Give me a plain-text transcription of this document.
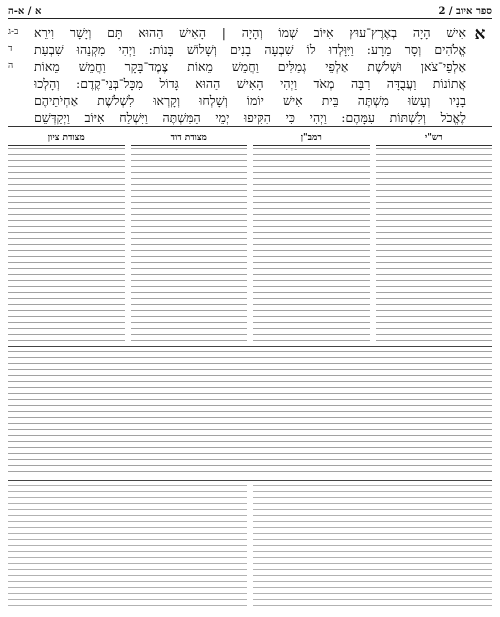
א / א-ה	2 / ספר איוב
א
ב-ג
ד
ה
אִישׁ הָיָה בְאֶרֶץ־עוּץ אִיּוֹב שְׁמוֹ וְהָיָה | הָאִישׁ הַהוּא תָּם וְיָשָׁר וִירֵא
אֱלֹהִים וְסָר מֵרָע: וַיִּוָּלְדוּ לוֹ שִׁבְעָה בָנִים וְשָׁלוֹשׁ בָּנוֹת: וַיְהִי מִקְנֵהוּ שִׁבְעַת
אַלְפֵי־צֹאן וּשְׁלֹשֶׁת אַלְפֵי גְמַלִּים וַחֲמֵשׁ מֵאוֹת צֶמֶד־בָּקָר וַחֲמֵשׁ מֵאוֹת
אֲתוֹנוֹת וַעֲבֻדָּה רַבָּה מְאֹד וַיְהִי הָאִישׁ הַהוּא גָּדוֹל מִכָּל־בְּנֵי־קֶדֶם: וְהָלְכוּ
בָנָיו וְעָשׂוּ מִשְׁתֶּה בֵּית אִישׁ יוֹמוֹ וְשָׁלְחוּ וְקָרְאוּ לִשְׁלֹשֶׁת אַחְיֹתֵיהֶם
לֶאֱכֹל וְלִשְׁתּוֹת עִמָּהֶם: וַיְהִי כִּי הִקִּיפוּ יְמֵי הַמִּשְׁתֶּה וַיִּשְׁלַח אִיּוֹב וַיְקַדְּשֵׁם
רש"י
רמב"ן
מצודת דוד
מצודת ציון
